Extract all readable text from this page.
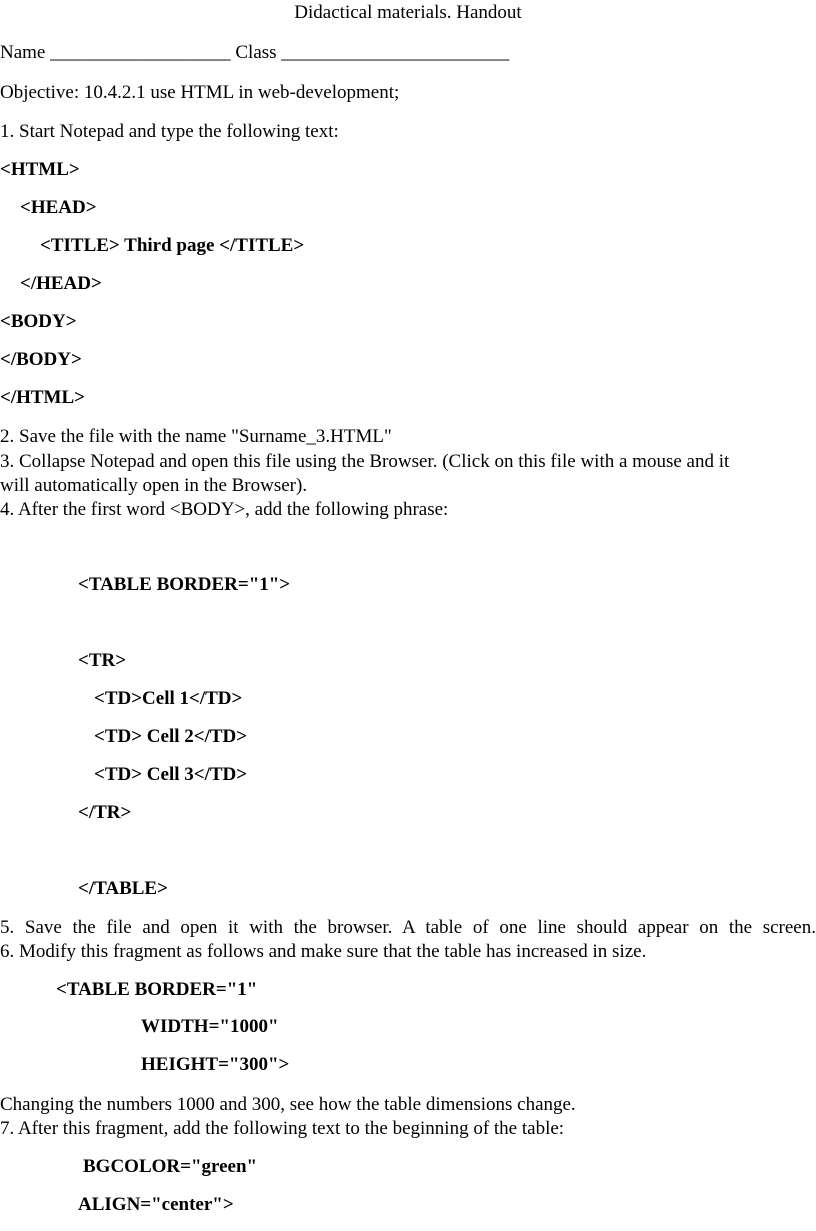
Didactical materials. Handout
Name ___________________ Class ________________________
Objective: 10.4.2.1 use HTML in web-development;
1. Start Notepad and type the following text:
<HTML>
<HEAD>
<TITLE> Third page </TITLE>
</HEAD>
<BODY>
</BODY>
</HTML>
2. Save the file with the name "Surname_3.HTML"
3. Collapse Notepad and open this file using the Browser. (Click on this file with a mouse and it
will automatically open in the Browser).
4. After the first word <BODY>, add the following phrase:
<TABLE BORDER="1">
<TR>
<TD>Cell 1</TD>
<TD> Cell 2</TD>
<TD> Cell 3</TD>
</TR>
</TABLE>
5. Save the file and open it with the browser. A table of one line should appear on the screen.
6. Modify this fragment as follows and make sure that the table has increased in size.
<TABLE BORDER="1"
WIDTH="1000"
HEIGHT="300">
Changing the numbers 1000 and 300, see how the table dimensions change.
7. After this fragment, add the following text to the beginning of the table:
BGCOLOR="green"
ALIGN="center">
